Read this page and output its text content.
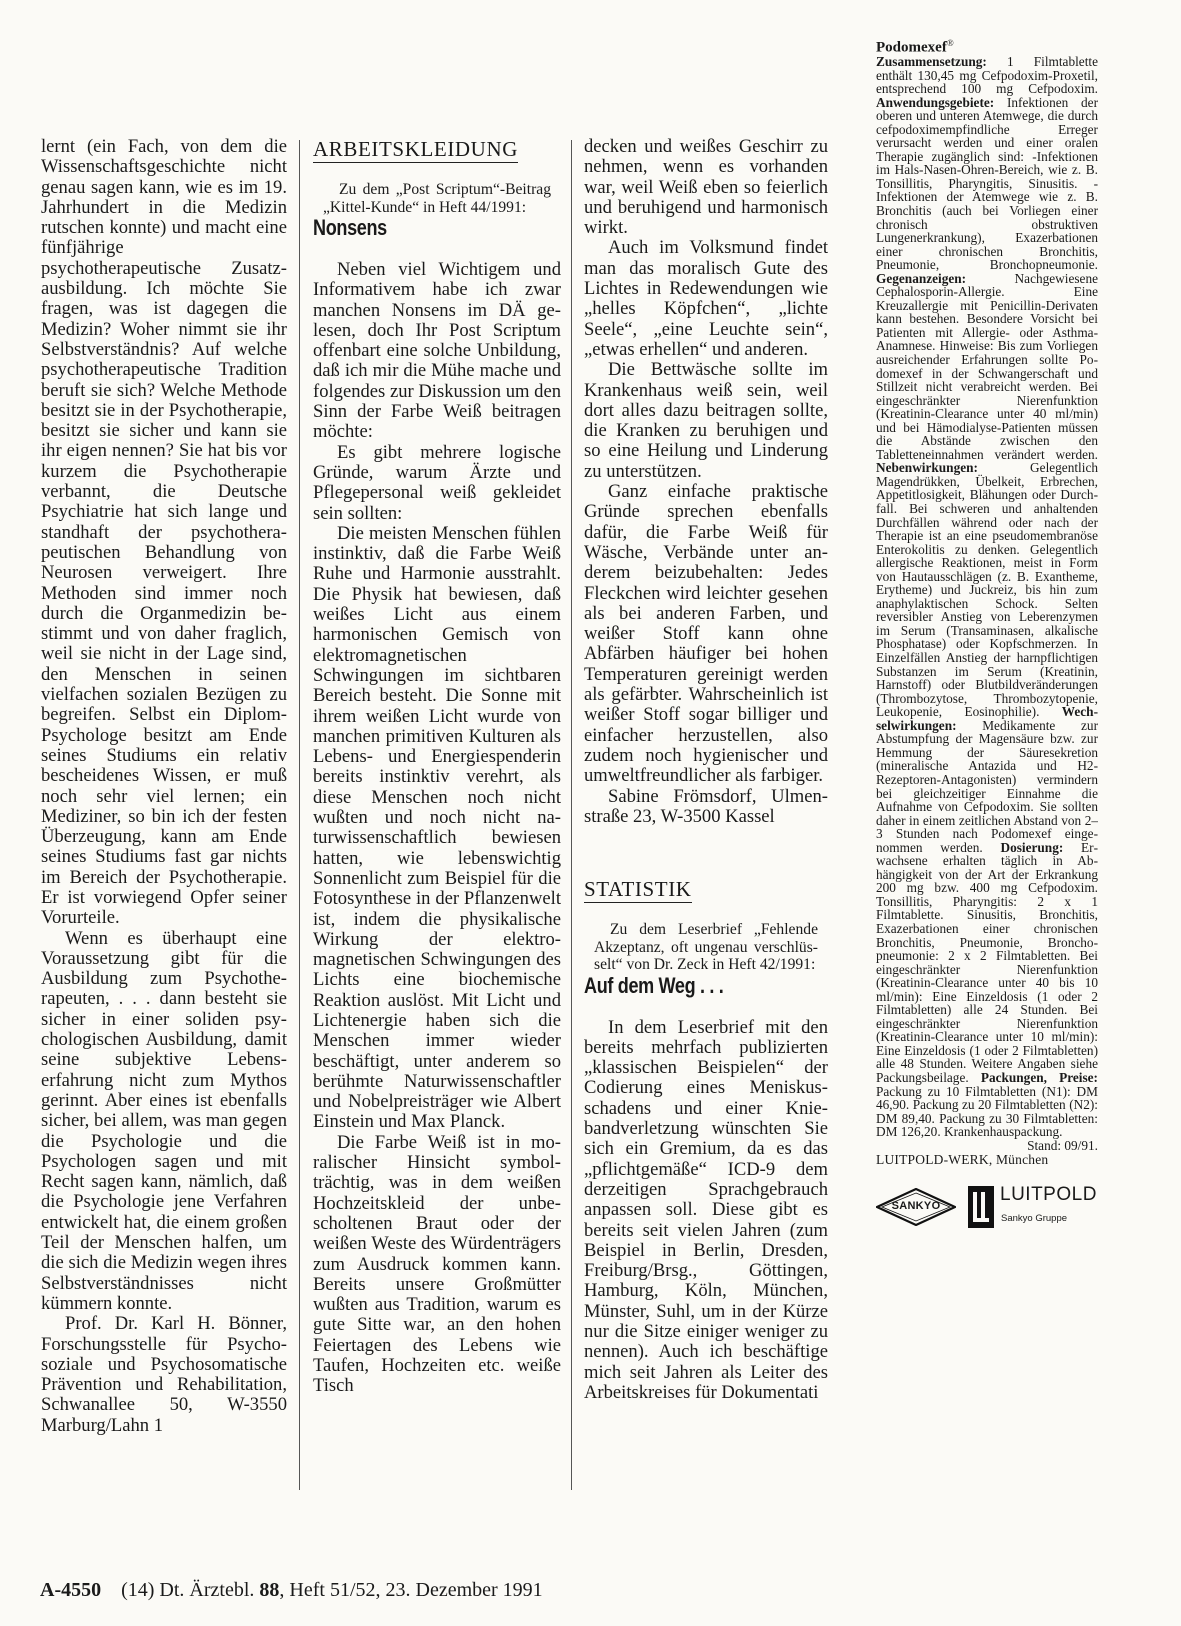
lernt (ein Fach, von dem die Wissenschaftsgeschichte nicht genau sagen kann, wie es im 19. Jahrhundert in die Medizin rutschen konnte) und macht eine fünfjährige psychotherapeutische Zusatzausbildung. Ich möchte Sie fragen, was ist dagegen die Medizin? Woher nimmt sie ihr Selbstverständnis? Auf welche psychotherapeutische Tradition beruft sie sich? Welche Methode besitzt sie in der Psychotherapie, besitzt sie sicher und kann sie ihr eigen nennen? Sie hat bis vor kurzem die Psychotherapie verbannt, die Deutsche Psychiatrie hat sich lange und standhaft der psychotherapeutischen Behandlung von Neurosen verweigert. Ihre Methoden sind immer noch durch die Organmedizin bestimmt und von daher fraglich, weil sie nicht in der Lage sind, den Menschen in seinen vielfachen sozialen Bezügen zu begreifen. Selbst ein Diplom-Psychologe besitzt am Ende seines Studiums ein relativ bescheidenes Wissen, er muß noch sehr viel lernen; ein Mediziner, so bin ich der festen Überzeugung, kann am Ende seines Studiums fast gar nichts im Bereich der Psychotherapie. Er ist vorwiegend Opfer seiner Vorurteile.

Wenn es überhaupt eine Voraussetzung gibt für die Ausbildung zum Psychotherapeuten, . . . dann besteht sie sicher in einer soliden psychologischen Ausbildung, damit seine subjektive Lebenserfahrung nicht zum Mythos gerinnt. Aber eines ist ebenfalls sicher, bei allem, was man gegen die Psychologie und die Psychologen sagen und mit Recht sagen kann, nämlich, daß die Psychologie jene Verfahren entwickelt hat, die einem großen Teil der Menschen halfen, um die sich die Medizin wegen ihres Selbstverständnisses nicht kümmern konnte.

Prof. Dr. Karl H. Bönner, Forschungsstelle für Psychosoziale und Psychosomatische Prävention und Rehabilitation, Schwanallee 50, W-3550 Marburg/Lahn 1

ARBEITSKLEIDUNG

Zu dem „Post Scriptum“-Beitrag „Kittel-Kunde“ in Heft 44/1991:

Nonsens

Neben viel Wichtigem und Informativem habe ich zwar manchen Nonsens im DÄ gelesen, doch Ihr Post Scriptum offenbart eine solche Unbildung, daß ich mir die Mühe mache und folgendes zur Diskussion um den Sinn der Farbe Weiß beitragen möchte:

Es gibt mehrere logische Gründe, warum Ärzte und Pflegepersonal weiß gekleidet sein sollten:

Die meisten Menschen fühlen instinktiv, daß die Farbe Weiß Ruhe und Harmonie ausstrahlt. Die Physik hat bewiesen, daß weißes Licht aus einem harmonischen Gemisch von elektromagnetischen Schwingungen im sichtbaren Bereich besteht. Die Sonne mit ihrem weißen Licht wurde von manchen primitiven Kulturen als Lebens- und Energiespenderin bereits instinktiv verehrt, als diese Menschen noch nicht wußten und noch nicht naturwissenschaftlich bewiesen hatten, wie lebenswichtig Sonnenlicht zum Beispiel für die Fotosynthese in der Pflanzenwelt ist, indem die physikalische Wirkung der elektromagnetischen Schwingungen des Lichts eine biochemische Reaktion auslöst. Mit Licht und Lichtenergie haben sich die Menschen immer wieder beschäftigt, unter anderem so berühmte Naturwissenschaftler und Nobelpreisträger wie Albert Einstein und Max Planck.

Die Farbe Weiß ist in moralischer Hinsicht symbolträchtig, was in dem weißen Hochzeitskleid der unbescholtenen Braut oder der weißen Weste des Würdenträgers zum Ausdruck kommen kann. Bereits unsere Großmütter wußten aus Tradition, warum es gute Sitte war, an den hohen Feiertagen des Lebens wie Taufen, Hochzeiten etc. weiße Tisch

decken und weißes Geschirr zu nehmen, wenn es vorhanden war, weil Weiß eben so feierlich und beruhigend und harmonisch wirkt.

Auch im Volksmund findet man das moralisch Gute des Lichtes in Redewendungen wie „helles Köpfchen“, „lichte Seele“, „eine Leuchte sein“, „etwas erhellen“ und anderen.

Die Bettwäsche sollte im Krankenhaus weiß sein, weil dort alles dazu beitragen sollte, die Kranken zu beruhigen und so eine Heilung und Linderung zu unterstützen.

Ganz einfache praktische Gründe sprechen ebenfalls dafür, die Farbe Weiß für Wäsche, Verbände unter anderem beizubehalten: Jedes Fleckchen wird leichter gesehen als bei anderen Farben, und weißer Stoff kann ohne Abfärben häufiger bei hohen Temperaturen gereinigt werden als gefärbter. Wahrscheinlich ist weißer Stoff sogar billiger und einfacher herzustellen, also zudem noch hygienischer und umweltfreundlicher als farbiger.

Sabine Frömsdorf, Ulmenstraße 23, W-3500 Kassel

STATISTIK

Zu dem Leserbrief „Fehlende Akzeptanz, oft ungenau verschlüsselt“ von Dr. Zeck in Heft 42/1991:

Auf dem Weg . . .

In dem Leserbrief mit den bereits mehrfach publizierten „klassischen Beispielen“ der Codierung eines Meniskusschadens und einer Kniebandverletzung wünschten Sie sich ein Gremium, da es das „pflichtgemäße“ ICD-9 dem derzeitigen Sprachgebrauch anpassen soll. Diese gibt es bereits seit vielen Jahren (zum Beispiel in Berlin, Dresden, Freiburg/Brsg., Göttingen, Hamburg, Köln, München, Münster, Suhl, um in der Kürze nur die Sitze einiger weniger zu nennen). Auch ich beschäftige mich seit Jahren als Leiter des Arbeitskreises für Dokumentati

Podomexef®
Zusammensetzung: 1 Filmtablette enthält 130,45 mg Cefpodoxim-Proxetil, entsprechend 100 mg Cefpodoxim. Anwendungsgebiete: Infektionen der oberen und unteren Atemwege, die durch cefpodoximempfindliche Erreger verursacht werden und einer oralen Therapie zugänglich sind: -Infektionen im Hals-Nasen-Ohren-Bereich, wie z. B. Tonsillitis, Pharyngitis, Sinusitis. -Infektionen der Atemwege wie z. B. Bronchitis (auch bei Vorliegen einer chronisch obstruktiven Lungenerkrankung), Exazerbationen einer chronischen Bronchitis, Pneumonie, Bronchopneumonie. Gegenanzeigen: Nachgewiesene Cephalosporin-Allergie. Eine Kreuzallergie mit Penicillin-Derivaten kann bestehen. Besondere Vorsicht bei Patienten mit Allergie- oder Asthma-Anamnese. Hinweise: Bis zum Vorliegen ausreichender Erfahrungen sollte Podomexef in der Schwangerschaft und Stillzeit nicht verabreicht werden. Bei eingeschränkter Nierenfunktion (Kreatinin-Clearance unter 40 ml/min) und bei Hämodialyse-Patienten müssen die Abstände zwischen den Tabletteneinnahmen verändert werden. Nebenwirkungen: Gelegentlich Magendrükken, Übelkeit, Erbrechen, Appetitlosigkeit, Blähungen oder Durchfall. Bei schweren und anhaltenden Durchfällen während oder nach der Therapie ist an eine pseudomembranöse Enterokolitis zu denken. Gelegentlich allergische Reaktionen, meist in Form von Hautausschlägen (z. B. Exantheme, Erytheme) und Juckreiz, bis hin zum anaphylaktischen Schock. Selten reversibler Anstieg von Leberenzymen im Serum (Transaminasen, alkalische Phosphatase) oder Kopfschmerzen. In Einzelfällen Anstieg der harnpflichtigen Substanzen im Serum (Kreatinin, Harnstoff) oder Blutbildveränderungen (Thrombozytose, Thrombozytopenie, Leukopenie, Eosinophilie). Wechselwirkungen: Medikamente zur Abstumpfung der Magensäure bzw. zur Hemmung der Säuresekretion (mineralische Antazida und H2-Rezeptoren-Antagonisten) vermindern bei gleichzeitiger Einnahme die Aufnahme von Cefpodoxim. Sie sollten daher in einem zeitlichen Abstand von 2–3 Stunden nach Podomexef eingenommen werden. Dosierung: Erwachsene erhalten täglich in Abhängigkeit von der Art der Erkrankung 200 mg bzw. 400 mg Cefpodoxim. Tonsillitis, Pharyngitis: 2 x 1 Filmtablette. Sinusitis, Bronchitis, Exazerbationen einer chronischen Bronchitis, Pneumonie, Bronchopneumonie: 2 x 2 Filmtabletten. Bei eingeschränkter Nierenfunktion (Kreatinin-Clearance unter 40 bis 10 ml/min): Eine Einzeldosis (1 oder 2 Filmtabletten) alle 24 Stunden. Bei eingeschränkter Nierenfunktion (Kreatinin-Clearance unter 10 ml/min): Eine Einzeldosis (1 oder 2 Filmtabletten) alle 48 Stunden. Weitere Angaben siehe Packungsbeilage. Packungen, Preise: Packung zu 10 Filmtabletten (N1): DM 46,90. Packung zu 20 Filmtabletten (N2): DM 89,40. Packung zu 30 Filmtabletten: DM 126,20. Krankenhauspackung.
Stand: 09/91.
LUITPOLD-WERK, München
SANKYO
LUITPOLD
Sankyo Gruppe
A-4550 (14) Dt. Ärztebl. 88, Heft 51/52, 23. Dezember 1991
